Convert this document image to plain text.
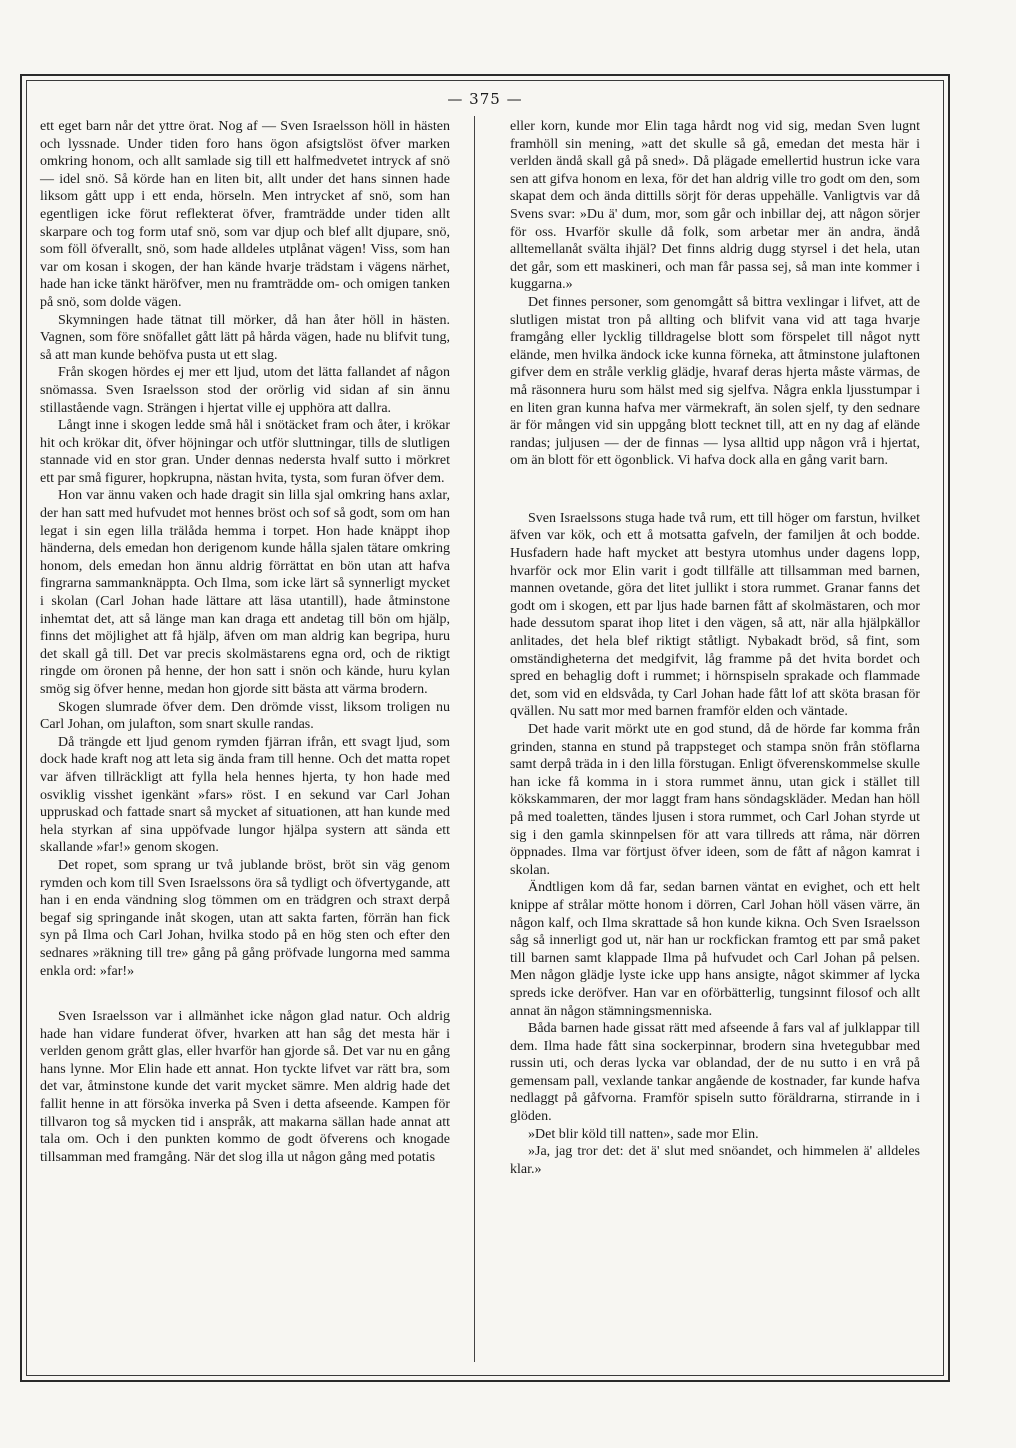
— 375 —

ett eget barn når det yttre örat. Nog af — Sven Israelsson höll in hästen och lyssnade. Under tiden foro hans ögon afsigtslöst öfver marken omkring honom, och allt samlade sig till ett halfmedvetet intryck af snö — idel snö. Så körde han en liten bit, allt under det hans sinnen hade liksom gått upp i ett enda, hörseln. Men intrycket af snö, som han egentligen icke förut reflekterat öfver, framträdde under tiden allt skarpare och tog form utaf snö, som var djup och blef allt djupare, snö, som föll öfverallt, snö, som hade alldeles utplånat vägen! Viss, som han var om kosan i skogen, der han kände hvarje trädstam i vägens närhet, hade han icke tänkt häröfver, men nu framträdde om- och omigen tanken på snö, som dolde vägen.

Skymningen hade tätnat till mörker, då han åter höll in hästen. Vagnen, som före snöfallet gått lätt på hårda vägen, hade nu blifvit tung, så att man kunde behöfva pusta ut ett slag.

Från skogen hördes ej mer ett ljud, utom det lätta fallandet af någon snömassa. Sven Israelsson stod der orörlig vid sidan af sin ännu stillastående vagn. Strängen i hjertat ville ej upphöra att dallra.

Långt inne i skogen ledde små hål i snötäcket fram och åter, i krökar hit och krökar dit, öfver höjningar och utför sluttningar, tills de slutligen stannade vid en stor gran. Under dennas nedersta hvalf sutto i mörkret ett par små figurer, hopkrupna, nästan hvita, tysta, som furan öfver dem.

Hon var ännu vaken och hade dragit sin lilla sjal omkring hans axlar, der han satt med hufvudet mot hennes bröst och sof så godt, som om han legat i sin egen lilla trälåda hemma i torpet. Hon hade knäppt ihop händerna, dels emedan hon derigenom kunde hålla sjalen tätare omkring honom, dels emedan hon ännu aldrig förrättat en bön utan att hafva fingrarna sammanknäppta. Och Ilma, som icke lärt så synnerligt mycket i skolan (Carl Johan hade lättare att läsa utantill), hade åtminstone inhemtat det, att så länge man kan draga ett andetag till bön om hjälp, finns det möjlighet att få hjälp, äfven om man aldrig kan begripa, huru det skall gå till. Det var precis skolmästarens egna ord, och de riktigt ringde om öronen på henne, der hon satt i snön och kände, huru kylan smög sig öfver henne, medan hon gjorde sitt bästa att värma brodern.

Skogen slumrade öfver dem. Den drömde visst, liksom troligen nu Carl Johan, om julafton, som snart skulle randas.

Då trängde ett ljud genom rymden fjärran ifrån, ett svagt ljud, som dock hade kraft nog att leta sig ända fram till henne. Och det matta ropet var äfven tillräckligt att fylla hela hennes hjerta, ty hon hade med osviklig visshet igenkänt »fars» röst. I en sekund var Carl Johan uppruskad och fattade snart så mycket af situationen, att han kunde med hela styrkan af sina uppöfvade lungor hjälpa systern att sända ett skallande »far!» genom skogen.

Det ropet, som sprang ur två jublande bröst, bröt sin väg genom rymden och kom till Sven Israelssons öra så tydligt och öfvertygande, att han i en enda vändning slog tömmen om en trädgren och straxt derpå begaf sig springande inåt skogen, utan att sakta farten, förrän han fick syn på Ilma och Carl Johan, hvilka stodo på en hög sten och efter den sednares »räkning till tre» gång på gång pröfvade lungorna med samma enkla ord: »far!»

Sven Israelsson var i allmänhet icke någon glad natur. Och aldrig hade han vidare funderat öfver, hvarken att han såg det mesta här i verlden genom grått glas, eller hvarför han gjorde så. Det var nu en gång hans lynne. Mor Elin hade ett annat. Hon tyckte lifvet var rätt bra, som det var, åtminstone kunde det varit mycket sämre. Men aldrig hade det fallit henne in att försöka inverka på Sven i detta afseende. Kampen för tillvaron tog så mycken tid i anspråk, att makarna sällan hade annat att tala om. Och i den punkten kommo de godt öfverens och knogade tillsamman med framgång. När det slog illa ut någon gång med potatis

eller korn, kunde mor Elin taga hårdt nog vid sig, medan Sven lugnt framhöll sin mening, »att det skulle så gå, emedan det mesta här i verlden ändå skall gå på sned». Då plägade emellertid hustrun icke vara sen att gifva honom en lexa, för det han aldrig ville tro godt om den, som skapat dem och ända dittills sörjt för deras uppehälle. Vanligtvis var då Svens svar: »Du ä' dum, mor, som går och inbillar dej, att någon sörjer för oss. Hvarför skulle då folk, som arbetar mer än andra, ändå alltemellanåt svälta ihjäl? Det finns aldrig dugg styrsel i det hela, utan det går, som ett maskineri, och man får passa sej, så man inte kommer i kuggarna.»

Det finnes personer, som genomgått så bittra vexlingar i lifvet, att de slutligen mistat tron på allting och blifvit vana vid att taga hvarje framgång eller lycklig tilldragelse blott som förspelet till något nytt elände, men hvilka ändock icke kunna förneka, att åtminstone julaftonen gifver dem en stråle verklig glädje, hvaraf deras hjerta måste värmas, de må räsonnera huru som hälst med sig sjelfva. Några enkla ljusstumpar i en liten gran kunna hafva mer värmekraft, än solen sjelf, ty den sednare är för mången vid sin uppgång blott tecknet till, att en ny dag af elände randas; juljusen — der de finnas — lysa alltid upp någon vrå i hjertat, om än blott för ett ögonblick. Vi hafva dock alla en gång varit barn.

Sven Israelssons stuga hade två rum, ett till höger om farstun, hvilket äfven var kök, och ett å motsatta gafveln, der familjen åt och bodde. Husfadern hade haft mycket att bestyra utomhus under dagens lopp, hvarför ock mor Elin varit i godt tillfälle att tillsamman med barnen, mannen ovetande, göra det litet jullikt i stora rummet. Granar fanns det godt om i skogen, ett par ljus hade barnen fått af skolmästaren, och mor hade dessutom sparat ihop litet i den vägen, så att, när alla hjälpkällor anlitades, det hela blef riktigt ståtligt. Nybakadt bröd, så fint, som omständigheterna det medgifvit, låg framme på det hvita bordet och spred en behaglig doft i rummet; i hörnspiseln sprakade och flammade det, som vid en eldsvåda, ty Carl Johan hade fått lof att sköta brasan för qvällen. Nu satt mor med barnen framför elden och väntade.

Det hade varit mörkt ute en god stund, då de hörde far komma från grinden, stanna en stund på trappsteget och stampa snön från stöflarna samt derpå träda in i den lilla förstugan. Enligt öfverenskommelse skulle han icke få komma in i stora rummet ännu, utan gick i stället till kökskammaren, der mor laggt fram hans söndagskläder. Medan han höll på med toaletten, tändes ljusen i stora rummet, och Carl Johan styrde ut sig i den gamla skinnpelsen för att vara tillreds att råma, när dörren öppnades. Ilma var förtjust öfver ideen, som de fått af någon kamrat i skolan.

Ändtligen kom då far, sedan barnen väntat en evighet, och ett helt knippe af strålar mötte honom i dörren, Carl Johan höll väsen värre, än någon kalf, och Ilma skrattade så hon kunde kikna. Och Sven Israelsson såg så innerligt god ut, när han ur rockfickan framtog ett par små paket till barnen samt klappade Ilma på hufvudet och Carl Johan på pelsen. Men någon glädje lyste icke upp hans ansigte, något skimmer af lycka spreds icke deröfver. Han var en oförbätterlig, tungsinnt filosof och allt annat än någon stämningsmenniska.

Båda barnen hade gissat rätt med afseende å fars val af julklappar till dem. Ilma hade fått sina sockerpinnar, brodern sina hvetegubbar med russin uti, och deras lycka var oblandad, der de nu sutto i en vrå på gemensam pall, vexlande tankar angående de kostnader, far kunde hafva nedlaggt på gåfvorna. Framför spiseln sutto föräldrarna, stirrande in i glöden.

»Det blir köld till natten», sade mor Elin.

»Ja, jag tror det: det ä' slut med snöandet, och himmelen ä' alldeles klar.»
